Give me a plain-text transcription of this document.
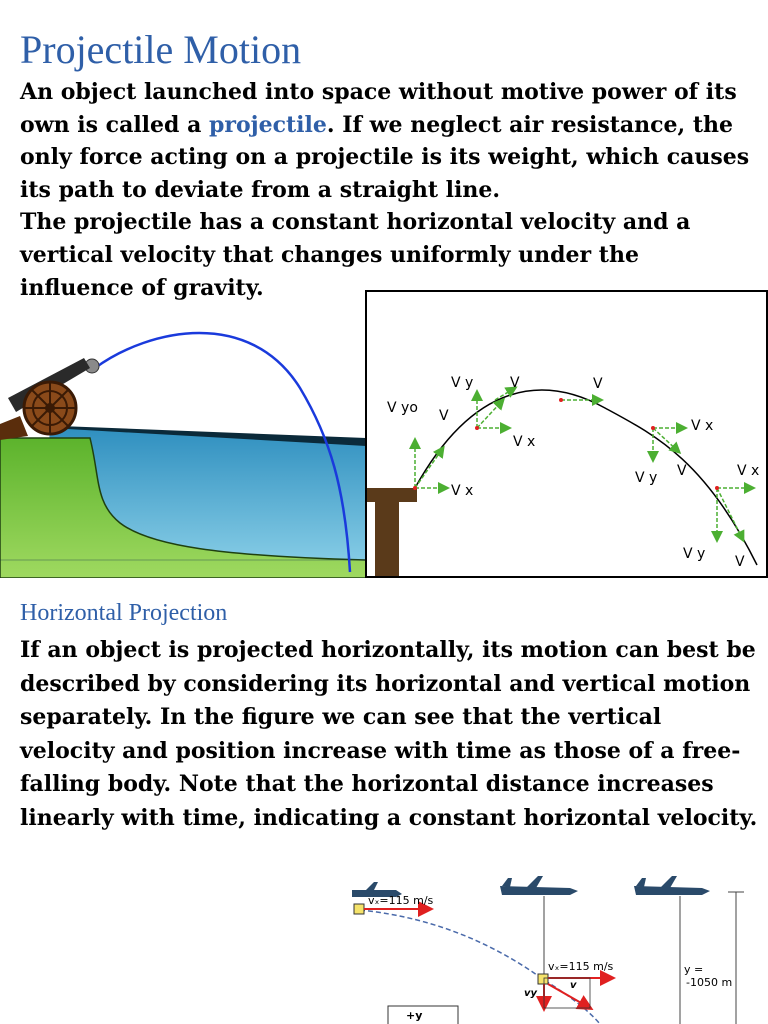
Projectile Motion

An object launched into space without motive power of its own is called a projectile. If we neglect air resistance, the only force acting on a projectile is its weight, which causes its path to deviate from a straight line.

The projectile has a constant horizontal velocity and a vertical velocity that changes uniformly under the influence of gravity.

V yo
V x
V
V y	V
V x
V
V x
V y V	V x
V y V
Horizontal Projection
If an object is projected horizontally, its motion can best be described by considering its horizontal and vertical motion separately. In the figure we can see that the vertical velocity and position increase with time as those of a free-falling body. Note that the horizontal distance increases linearly with time, indicating a constant horizontal velocity.
vₓ=115 m/s
vₓ=115 m/s
vy
v
y =
-1050 m
+y
